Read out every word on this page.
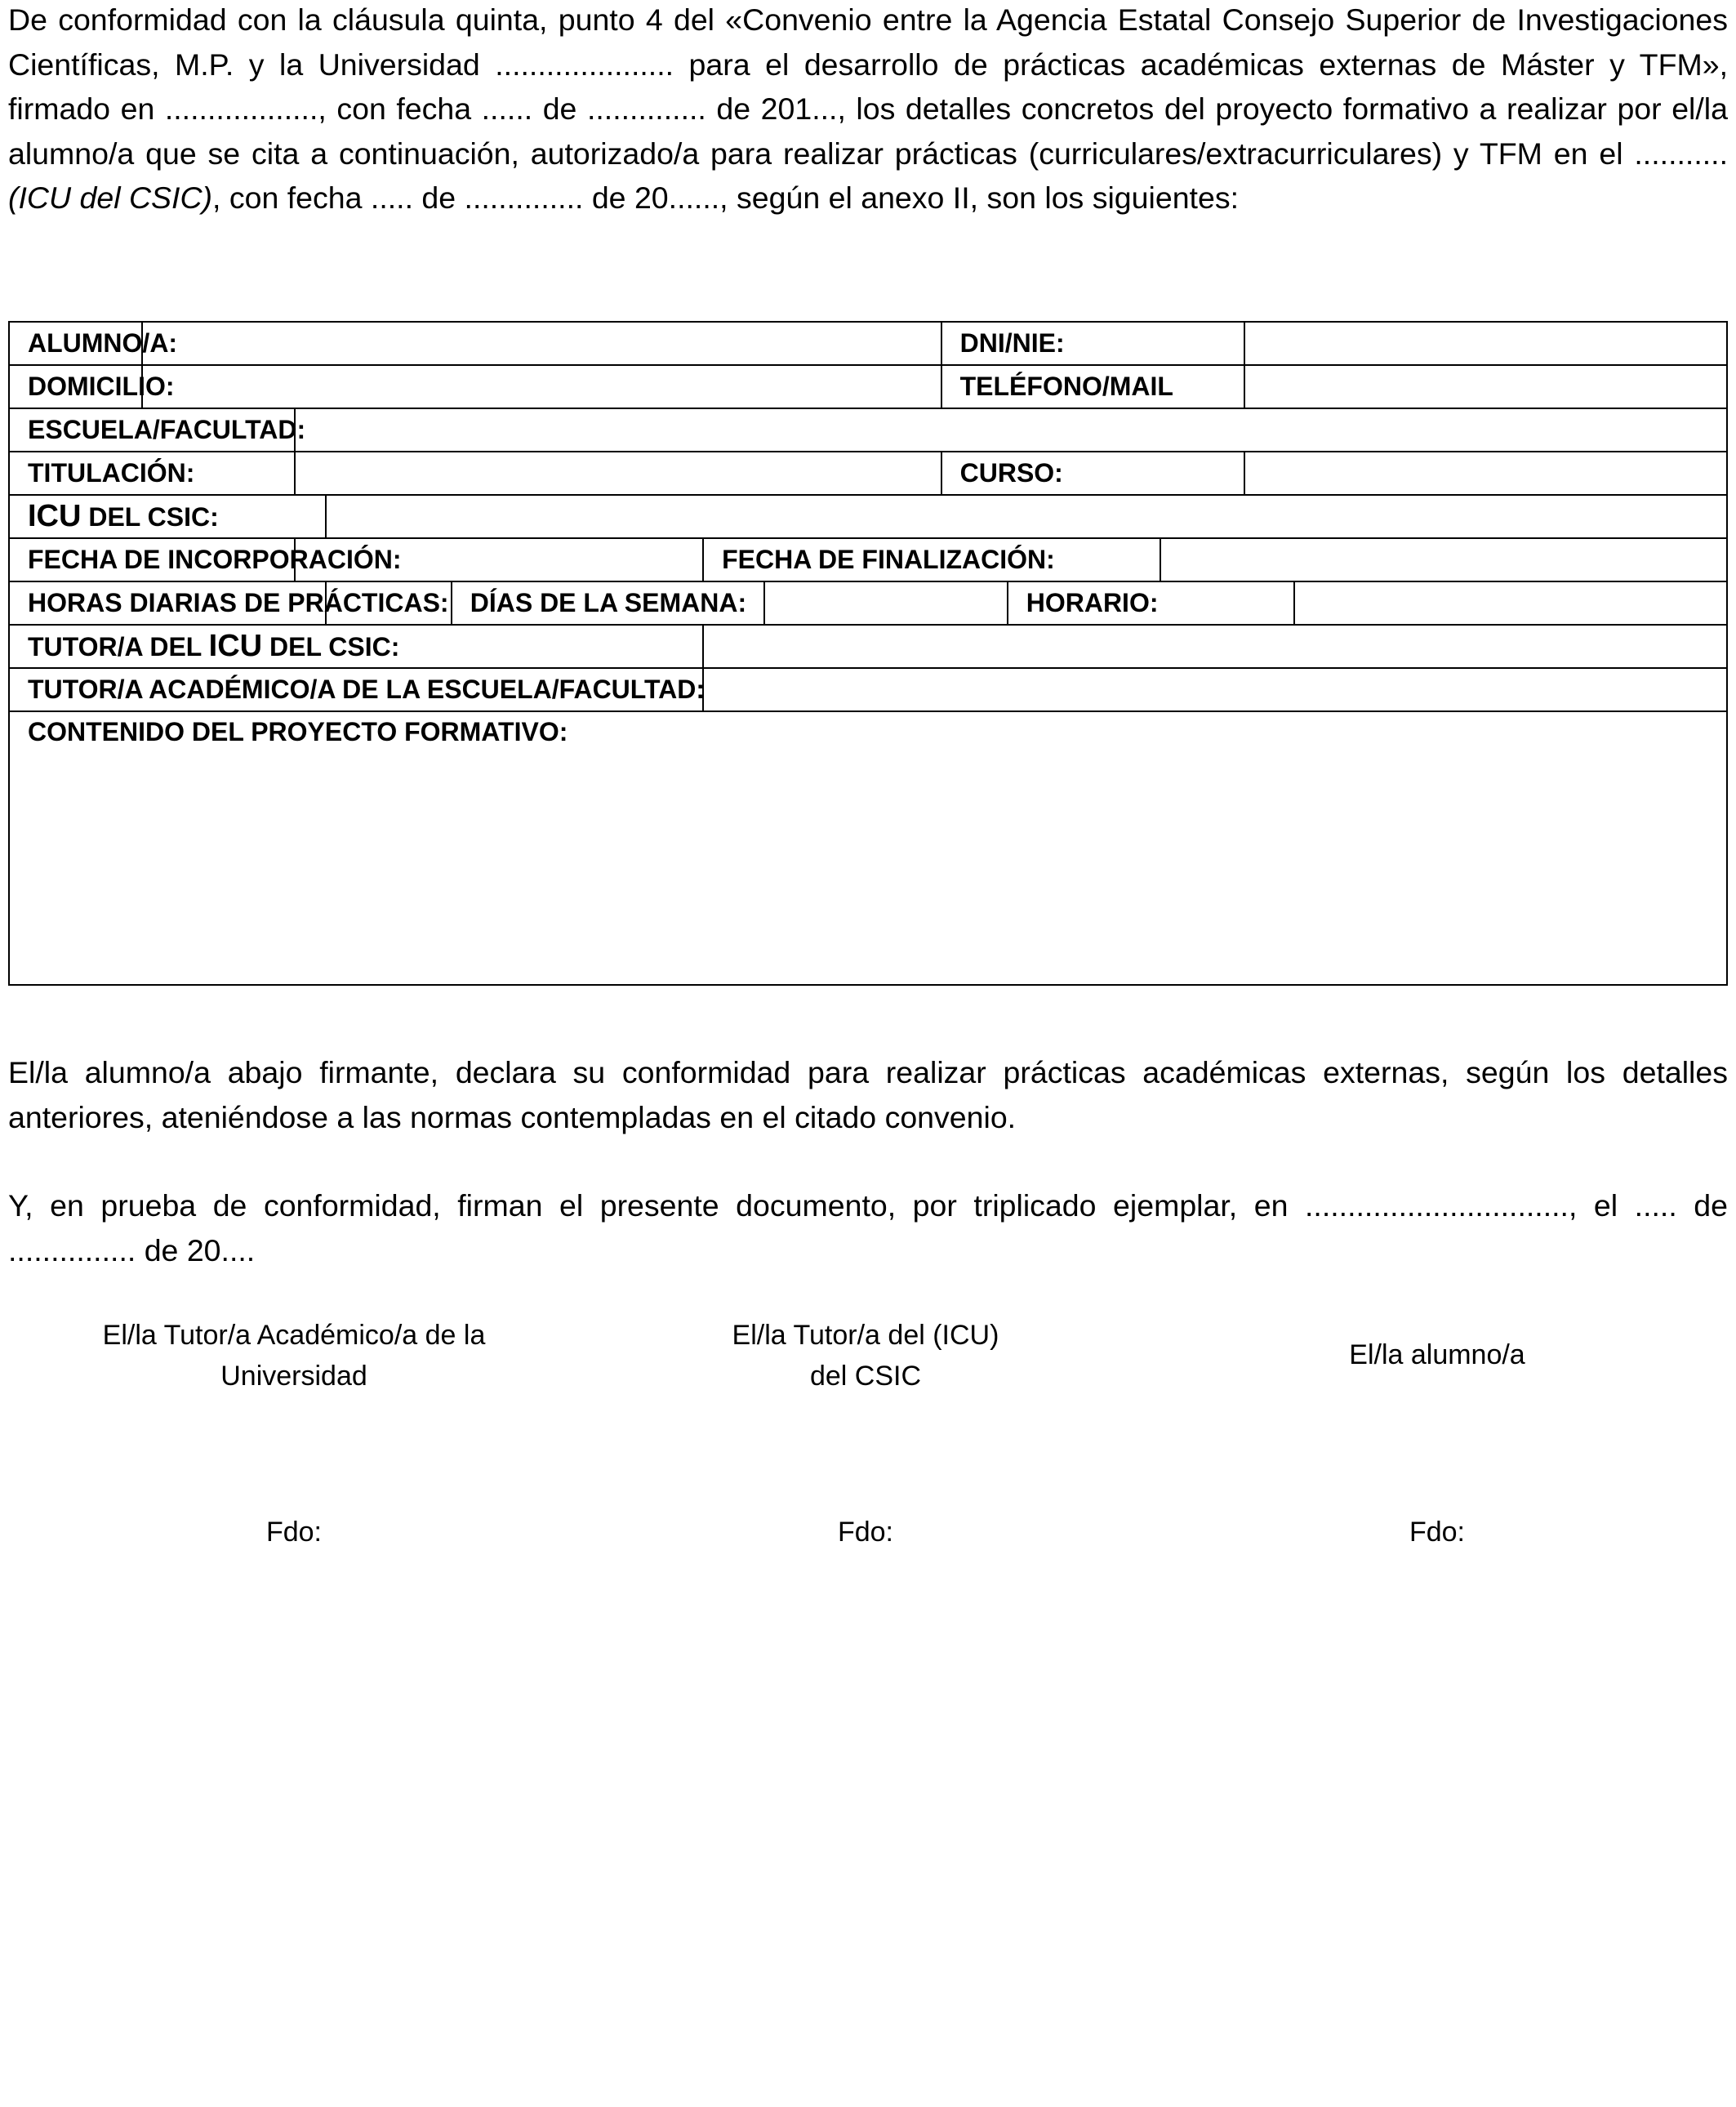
De conformidad con la cláusula quinta, punto 4 del «Convenio entre la Agencia Estatal Consejo Superior de Investigaciones Científicas, M.P. y la Universidad ..................... para el desarrollo de prácticas académicas externas de Máster y TFM», firmado en .................., con fecha ...... de .............. de 201..., los detalles concretos del proyecto formativo a realizar por el/la alumno/a que se cita a continuación, autorizado/a para realizar prácticas (curriculares/extracurriculares) y TFM en el ...........(ICU del CSIC), con fecha ..... de .............. de 20......, según el anexo II, son los siguientes:

ALUMNO/A:							DNI/NIE:				
DOMICILIO:							TELÉFONO/MAIL				
ESCUELA/FACULTAD:											
TITULACIÓN:							CURSO:				
ICU DEL CSIC:											
FECHA DE INCORPORACIÓN:					FECHA DE FINALIZACIÓN:						
HORAS DIARIAS DE PRÁCTICAS:				DÍAS DE LA SEMANA:				HORARIO:			
TUTOR/A DEL ICU DEL CSIC:											
TUTOR/A ACADÉMICO/A DE LA ESCUELA/FACULTAD:											
CONTENIDO DEL PROYECTO FORMATIVO:											

El/la alumno/a abajo firmante, declara su conformidad para realizar prácticas académicas externas, según los detalles anteriores, ateniéndose a las normas contempladas en el citado convenio.

Y, en prueba de conformidad, firman el presente documento, por triplicado ejemplar, en ..............................., el ..... de ............... de 20....

El/la Tutor/a Académico/a de la
Universidad
El/la Tutor/a del (ICU)
del CSIC
El/la alumno/a
Fdo:	Fdo:	Fdo:
